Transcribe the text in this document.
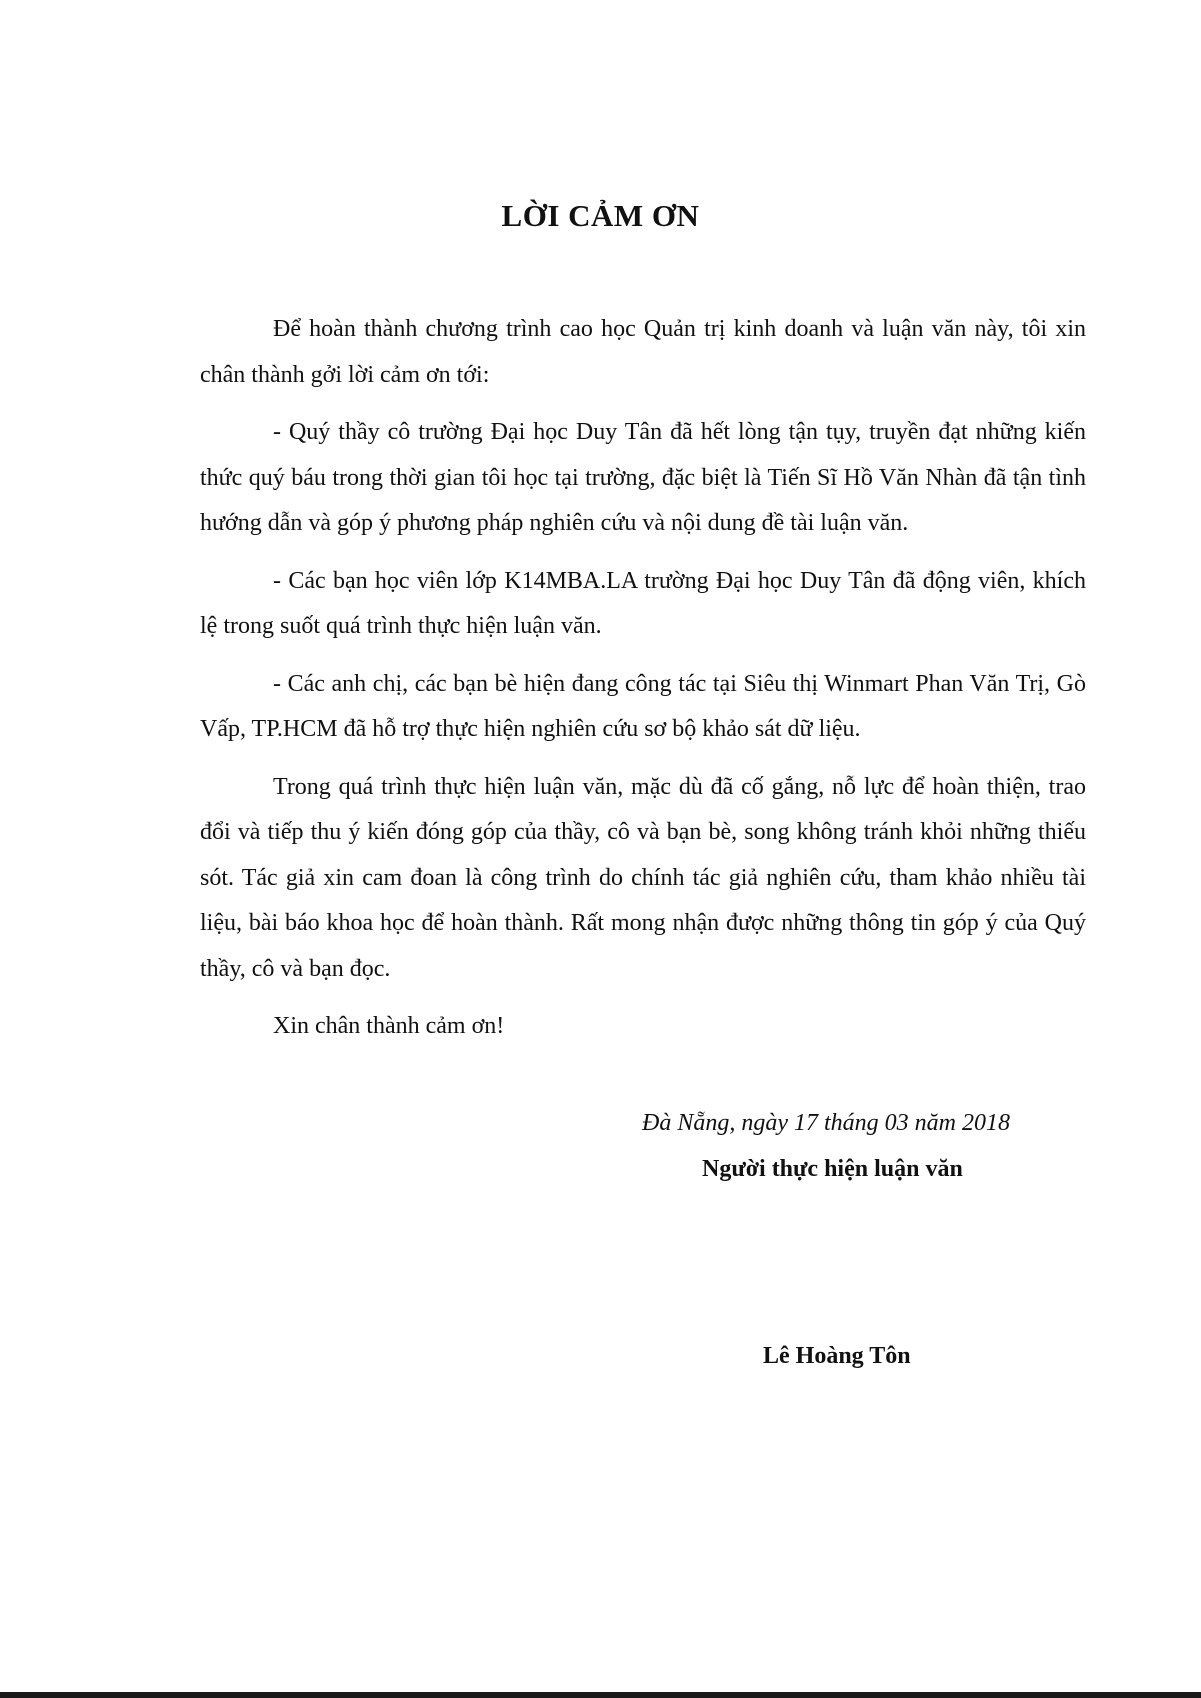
LỜI CẢM ƠN

Để hoàn thành chương trình cao học Quản trị kinh doanh và luận văn này, tôi xin chân thành gởi lời cảm ơn tới:

- Quý thầy cô trường Đại học Duy Tân đã hết lòng tận tụy, truyền đạt những kiến thức quý báu trong thời gian tôi học tại trường, đặc biệt là Tiến Sĩ Hồ Văn Nhàn đã tận tình hướng dẫn và góp ý phương pháp nghiên cứu và nội dung đề tài luận văn.

- Các bạn học viên lớp K14MBA.LA trường Đại học Duy Tân đã động viên, khích lệ trong suốt quá trình thực hiện luận văn.

- Các anh chị, các bạn bè hiện đang công tác tại Siêu thị Winmart Phan Văn Trị, Gò Vấp, TP.HCM đã hỗ trợ thực hiện nghiên cứu sơ bộ khảo sát dữ liệu.

Trong quá trình thực hiện luận văn, mặc dù đã cố gắng, nỗ lực để hoàn thiện, trao đổi và tiếp thu ý kiến đóng góp của thầy, cô và bạn bè, song không tránh khỏi những thiếu sót. Tác giả xin cam đoan là công trình do chính tác giả nghiên cứu, tham khảo nhiều tài liệu, bài báo khoa học để hoàn thành. Rất mong nhận được những thông tin góp ý của Quý thầy, cô và bạn đọc.

Xin chân thành cảm ơn!

Đà Nẵng, ngày 17 tháng 03 năm 2018
Người thực hiện luận văn
Lê Hoàng Tôn
